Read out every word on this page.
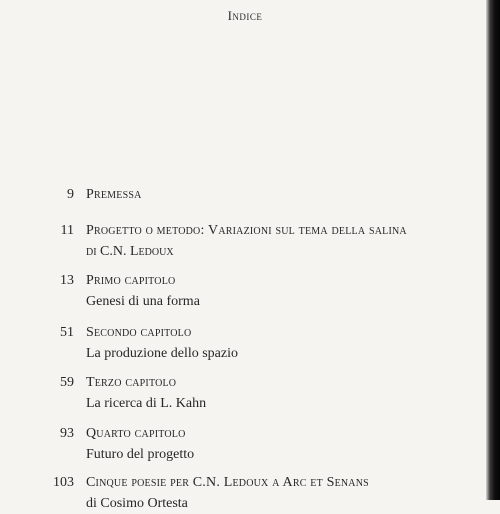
Indice
9 Premessa
11 Progetto o metodo: Variazioni sul tema della salina
di C.N. Ledoux
13 Primo capitolo
Genesi di una forma
51 Secondo capitolo
La produzione dello spazio
59 Terzo capitolo
La ricerca di L. Kahn
93 Quarto capitolo
Futuro del progetto
103 Cinque poesie per C.N. Ledoux a Arc et Senans
di Cosimo Ortesta
